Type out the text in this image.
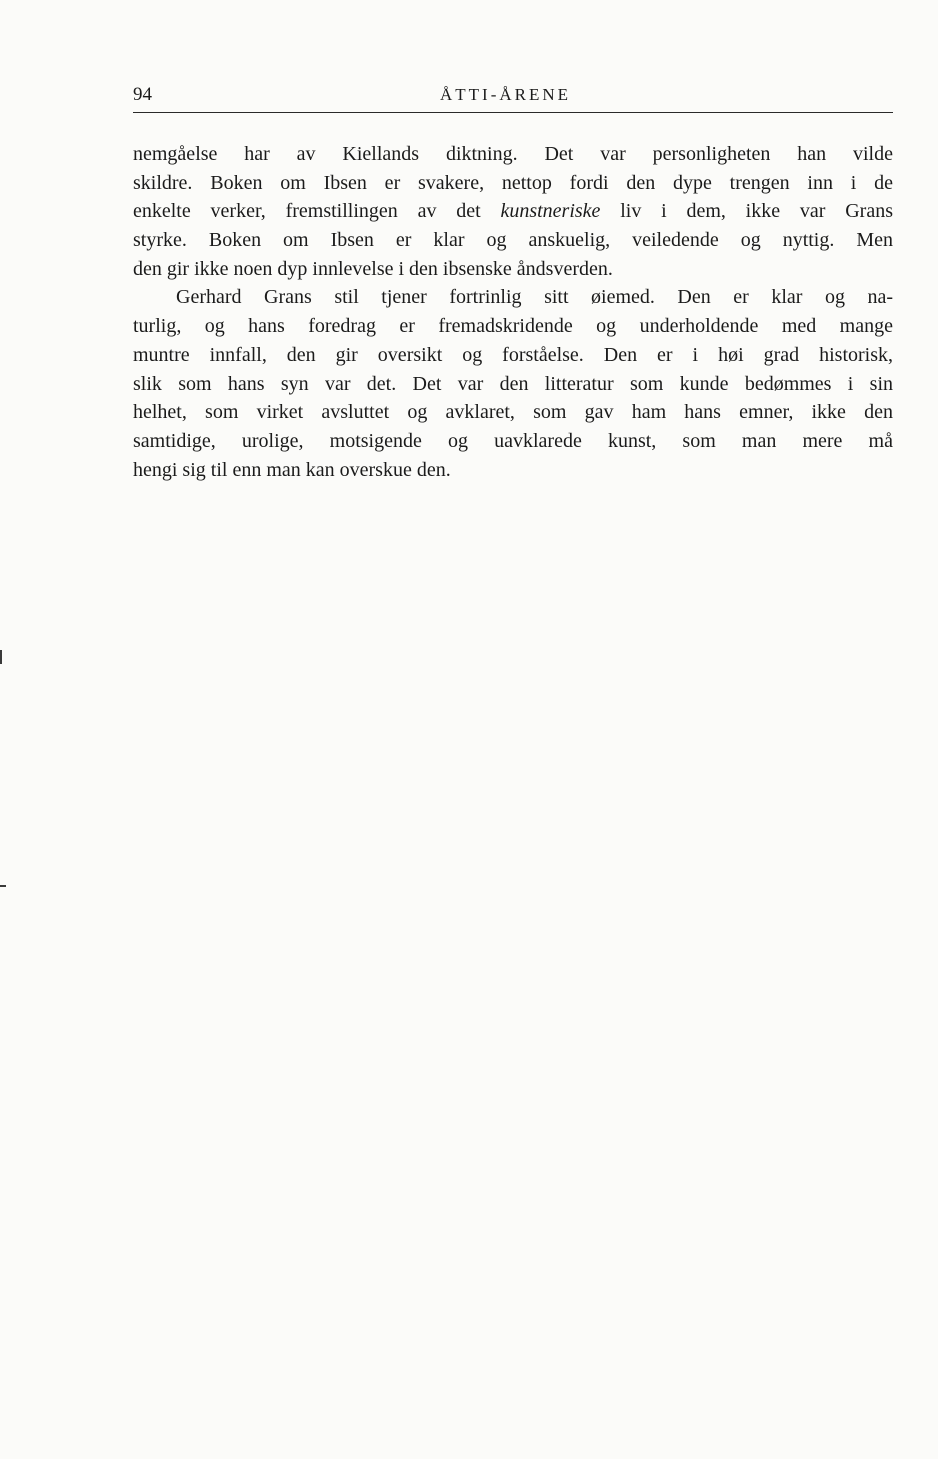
94	ÅTTI-ÅRENE
nemgåelse har av Kiellands diktning. Det var personligheten han vilde
skildre. Boken om Ibsen er svakere, nettop fordi den dype trengen inn i de
enkelte verker, fremstillingen av det kunstneriske liv i dem, ikke var Grans
styrke. Boken om Ibsen er klar og anskuelig, veiledende og nyttig. Men
den gir ikke noen dyp innlevelse i den ibsenske åndsverden.
Gerhard Grans stil tjener fortrinlig sitt øiemed. Den er klar og na-
turlig, og hans foredrag er fremadskridende og underholdende med mange
muntre innfall, den gir oversikt og forståelse. Den er i høi grad historisk,
slik som hans syn var det. Det var den litteratur som kunde bedømmes i sin
helhet, som virket avsluttet og avklaret, som gav ham hans emner, ikke den
samtidige, urolige, motsigende og uavklarede kunst, som man mere må
hengi sig til enn man kan overskue den.
